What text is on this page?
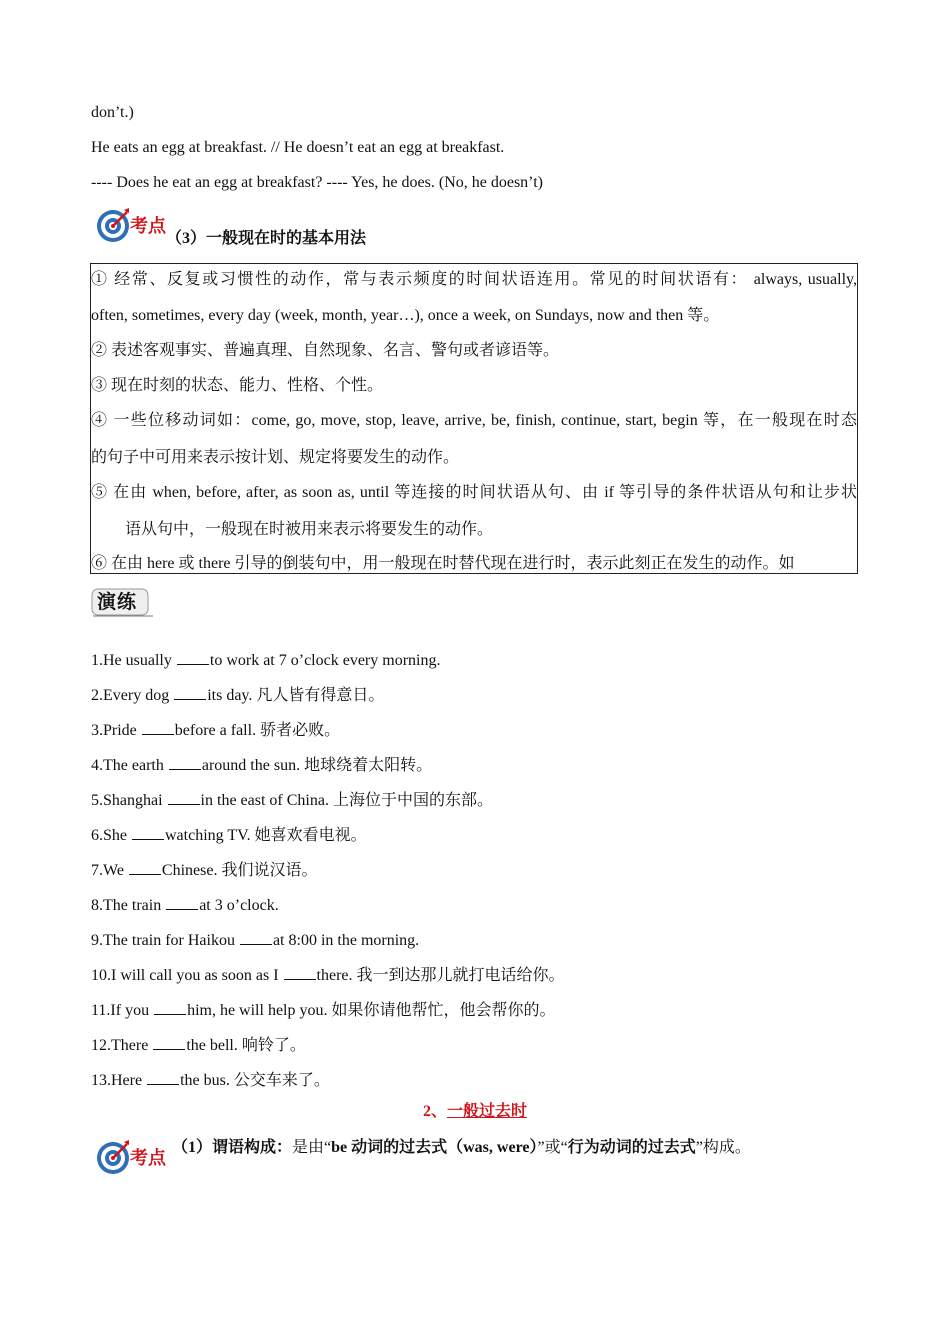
don’t.)
He eats an egg at breakfast. // He doesn’t eat an egg at breakfast.
---- Does he eat an egg at breakfast? ---- Yes, he does. (No, he doesn’t)
考点
（3）一般现在时的基本用法
① 经常、反复或习惯性的动作，常与表示频度的时间状语连用。常见的时间状语有： always, usually,
often, sometimes, every day (week, month, year…), once a week, on Sundays, now and then 等。
② 表述客观事实、普遍真理、自然现象、名言、警句或者谚语等。
③ 现在时刻的状态、能力、性格、个性。
④ 一些位移动词如：come, go, move, stop, leave, arrive, be, finish, continue, start, begin 等，在一般现在时态
的句子中可用来表示按计划、规定将要发生的动作。
⑤ 在由 when, before, after, as soon as, until 等连接的时间状语从句、由 if 等引导的条件状语从句和让步状
语从句中，一般现在时被用来表示将要发生的动作。
⑥ 在由 here 或 there 引导的倒装句中，用一般现在时替代现在进行时，表示此刻正在发生的动作。如
演练
1.He usually to work at 7 o’clock every morning.
2.Every dog its day. 凡人皆有得意日。
3.Pride before a fall. 骄者必败。
4.The earth around the sun. 地球绕着太阳转。
5.Shanghai in the east of China. 上海位于中国的东部。
6.She watching TV. 她喜欢看电视。
7.We Chinese. 我们说汉语。
8.The train at 3 o’clock.
9.The train for Haikou at 8:00 in the morning.
10.I will call you as soon as I there. 我一到达那儿就打电话给你。
11.If you him, he will help you. 如果你请他帮忙，他会帮你的。
12.There the bell. 响铃了。
13.Here the bus. 公交车来了。
2、一般过去时
考点
（1）谓语构成：是由“be 动词的过去式（was, were）”或“行为动词的过去式”构成。
